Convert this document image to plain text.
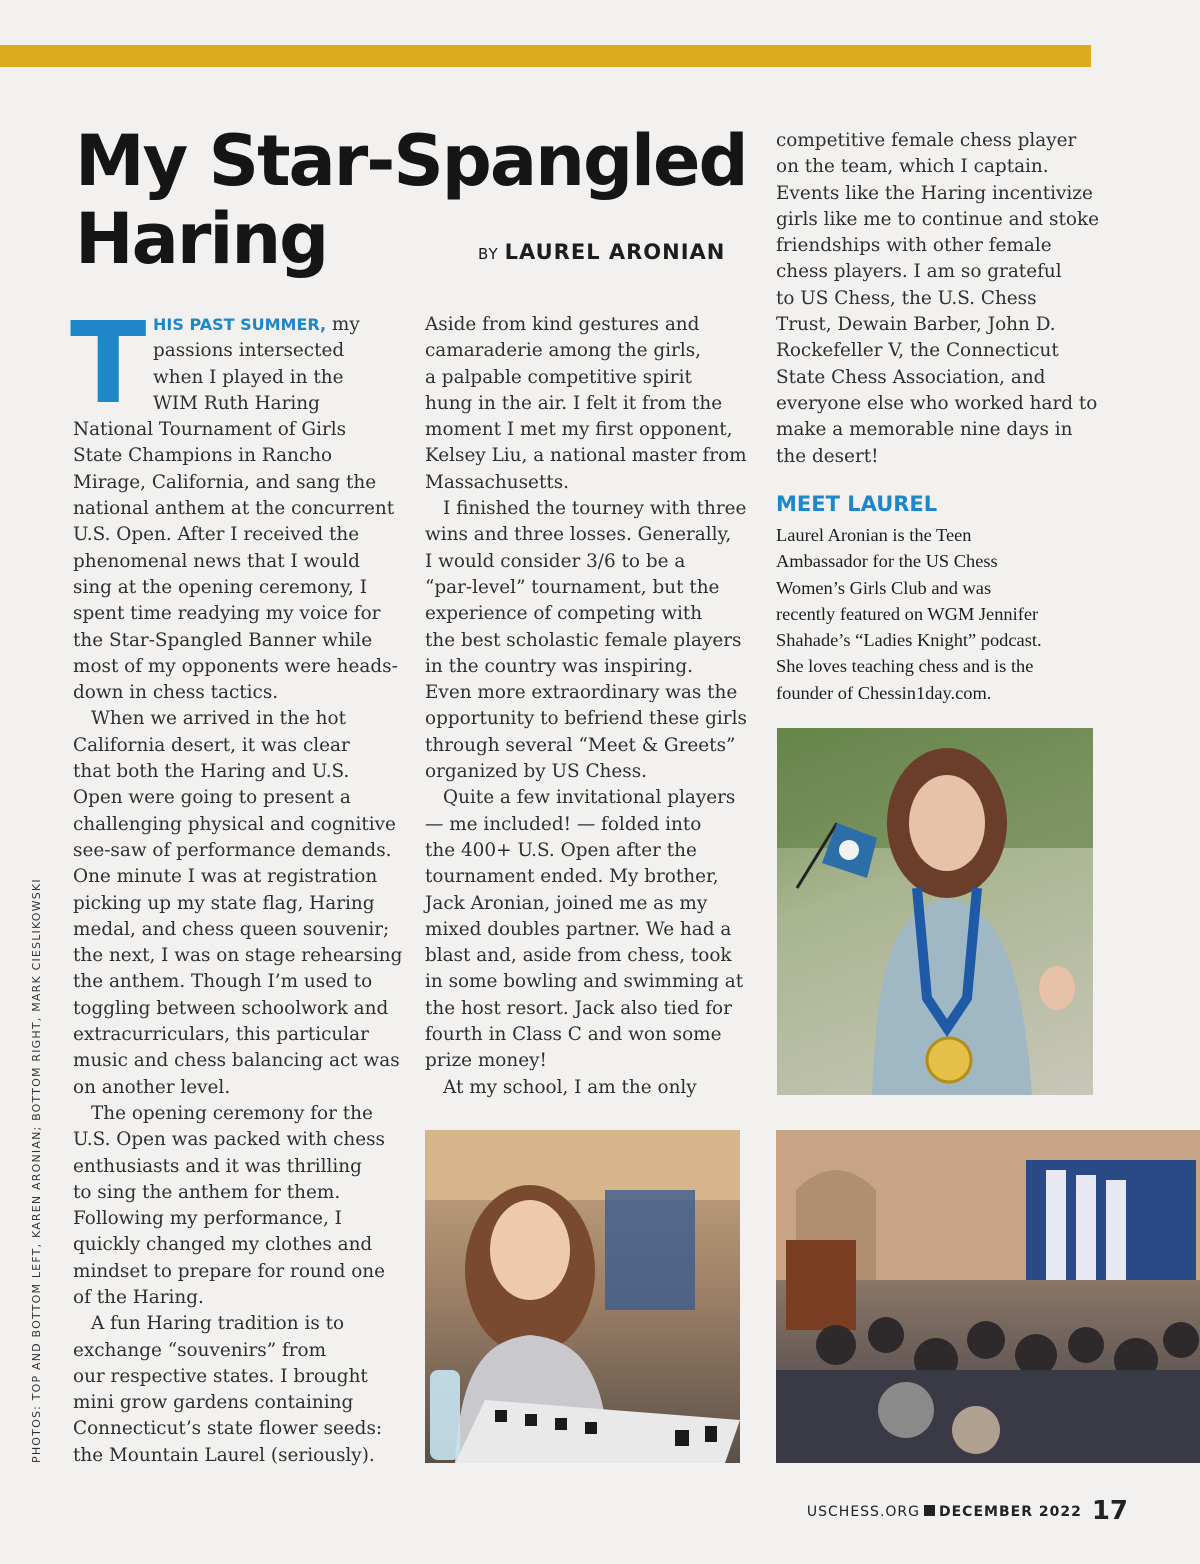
My Star-Spangled
Haring	BY LAUREL ARONIAN
T HIS PAST SUMMER, my
passions intersected
when I played in the
WIM Ruth Haring
National Tournament of Girls
State Champions in Rancho
Mirage, California, and sang the
national anthem at the concurrent
U.S. Open. After I received the
phenomenal news that I would
sing at the opening ceremony, I
spent time readying my voice for
the Star-Spangled Banner while
most of my opponents were heads-
down in chess tactics.
When we arrived in the hot
California desert, it was clear
that both the Haring and U.S.
Open were going to present a
challenging physical and cognitive
see-saw of performance demands.
One minute I was at registration
picking up my state flag, Haring
medal, and chess queen souvenir;
the next, I was on stage rehearsing
the anthem. Though I’m used to
toggling between schoolwork and
extracurriculars, this particular
music and chess balancing act was
on another level.
The opening ceremony for the
U.S. Open was packed with chess
enthusiasts and it was thrilling
to sing the anthem for them.
Following my performance, I
quickly changed my clothes and
mindset to prepare for round one
of the Haring.
A fun Haring tradition is to
exchange “souvenirs” from
our respective states. I brought
mini grow gardens containing
Connecticut’s state flower seeds:
the Mountain Laurel (seriously).
Aside from kind gestures and
camaraderie among the girls,
a palpable competitive spirit
hung in the air. I felt it from the
moment I met my first opponent,
Kelsey Liu, a national master from
Massachusetts.
I finished the tourney with three
wins and three losses. Generally,
I would consider 3/6 to be a
“par-level” tournament, but the
experience of competing with
the best scholastic female players
in the country was inspiring.
Even more extraordinary was the
opportunity to befriend these girls
through several “Meet & Greets”
organized by US Chess.
Quite a few invitational players
— me included! — folded into
the 400+ U.S. Open after the
tournament ended. My brother,
Jack Aronian, joined me as my
mixed doubles partner. We had a
blast and, aside from chess, took
in some bowling and swimming at
the host resort. Jack also tied for
fourth in Class C and won some
prize money!
At my school, I am the only
competitive female chess player
on the team, which I captain.
Events like the Haring incentivize
girls like me to continue and stoke
friendships with other female
chess players. I am so grateful
to US Chess, the U.S. Chess
Trust, Dewain Barber, John D.
Rockefeller V, the Connecticut
State Chess Association, and
everyone else who worked hard to
make a memorable nine days in
the desert!
MEET LAUREL
Laurel Aronian is the Teen
Ambassador for the US Chess
Women’s Girls Club and was
recently featured on WGM Jennifer
Shahade’s “Ladies Knight” podcast.
She loves teaching chess and is the
founder of Chessin1day.com.
PHOTOS: TOP AND BOTTOM LEFT, KAREN ARONIAN; BOTTOM RIGHT, MARK CIESLIKOWSKI
USCHESS.ORG DECEMBER 2022 17
